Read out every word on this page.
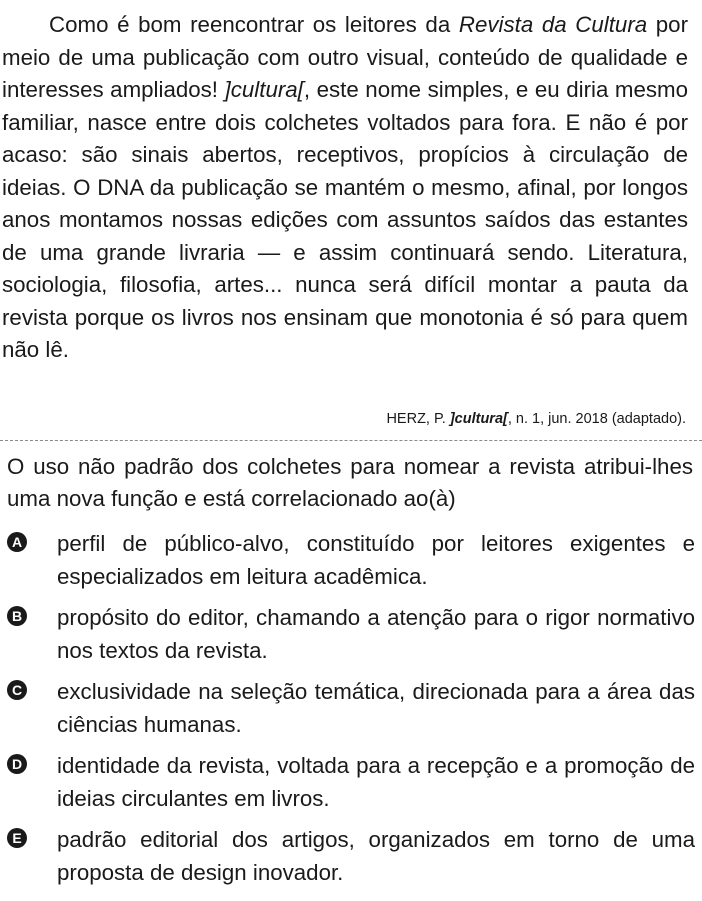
Como é bom reencontrar os leitores da Revista da Cultura por meio de uma publicação com outro visual, conteúdo de qualidade e interesses ampliados! ]cultura[, este nome simples, e eu diria mesmo familiar, nasce entre dois colchetes voltados para fora. E não é por acaso: são sinais abertos, receptivos, propícios à circulação de ideias. O DNA da publicação se mantém o mesmo, afinal, por longos anos montamos nossas edições com assuntos saídos das estantes de uma grande livraria — e assim continuará sendo. Literatura, sociologia, filosofia, artes... nunca será difícil montar a pauta da revista porque os livros nos ensinam que monotonia é só para quem não lê.

HERZ, P. ]cultura[, n. 1, jun. 2018 (adaptado).
O uso não padrão dos colchetes para nomear a revista atribui-lhes uma nova função e está correlacionado ao(à)
A perfil de público-alvo, constituído por leitores exigentes e especializados em leitura acadêmica.
B propósito do editor, chamando a atenção para o rigor normativo nos textos da revista.
C exclusividade na seleção temática, direcionada para a área das ciências humanas.
D identidade da revista, voltada para a recepção e a promoção de ideias circulantes em livros.
E padrão editorial dos artigos, organizados em torno de uma proposta de design inovador.
